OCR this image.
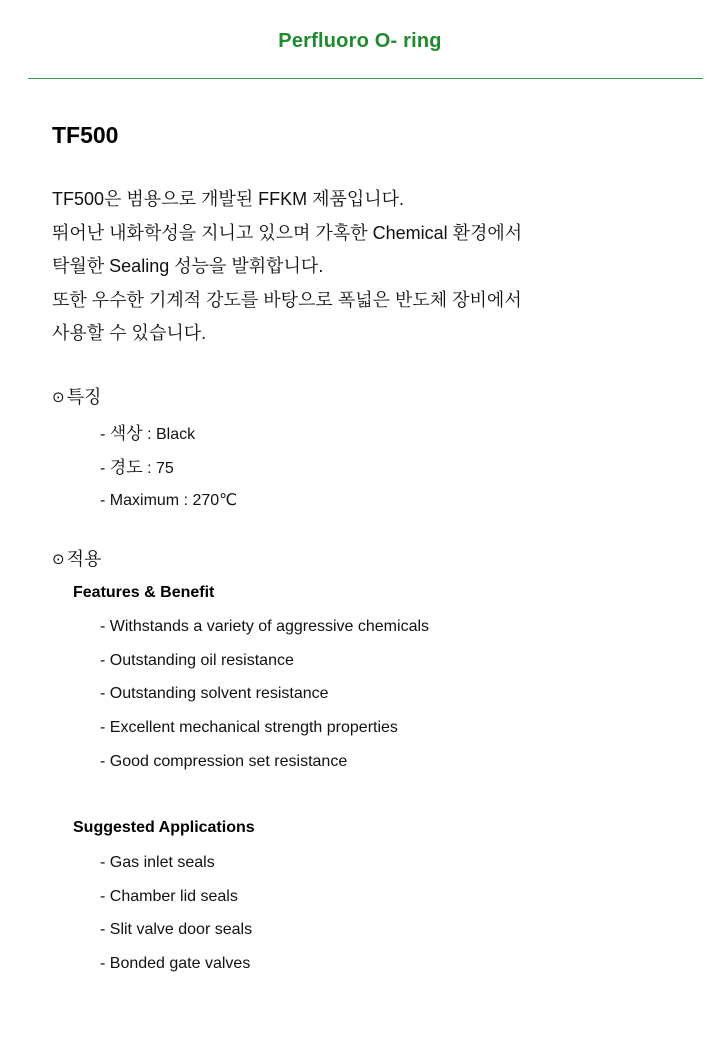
Perfluoro O- ring
TF500
TF500은 범용으로 개발된 FFKM 제품입니다.
뛰어난 내화학성을 지니고 있으며 가혹한 Chemical 환경에서
탁월한 Sealing 성능을 발휘합니다.
또한 우수한 기계적 강도를 바탕으로 폭넓은 반도체 장비에서
사용할 수 있습니다.
⊙ 특징
- 색상 : Black
- 경도 : 75
- Maximum : 270℃
⊙ 적용
Features & Benefit
- Withstands a variety of aggressive chemicals
- Outstanding oil resistance
- Outstanding solvent resistance
- Excellent mechanical strength properties
- Good compression set resistance
Suggested Applications
- Gas inlet seals
- Chamber lid seals
- Slit valve door seals
- Bonded gate valves
